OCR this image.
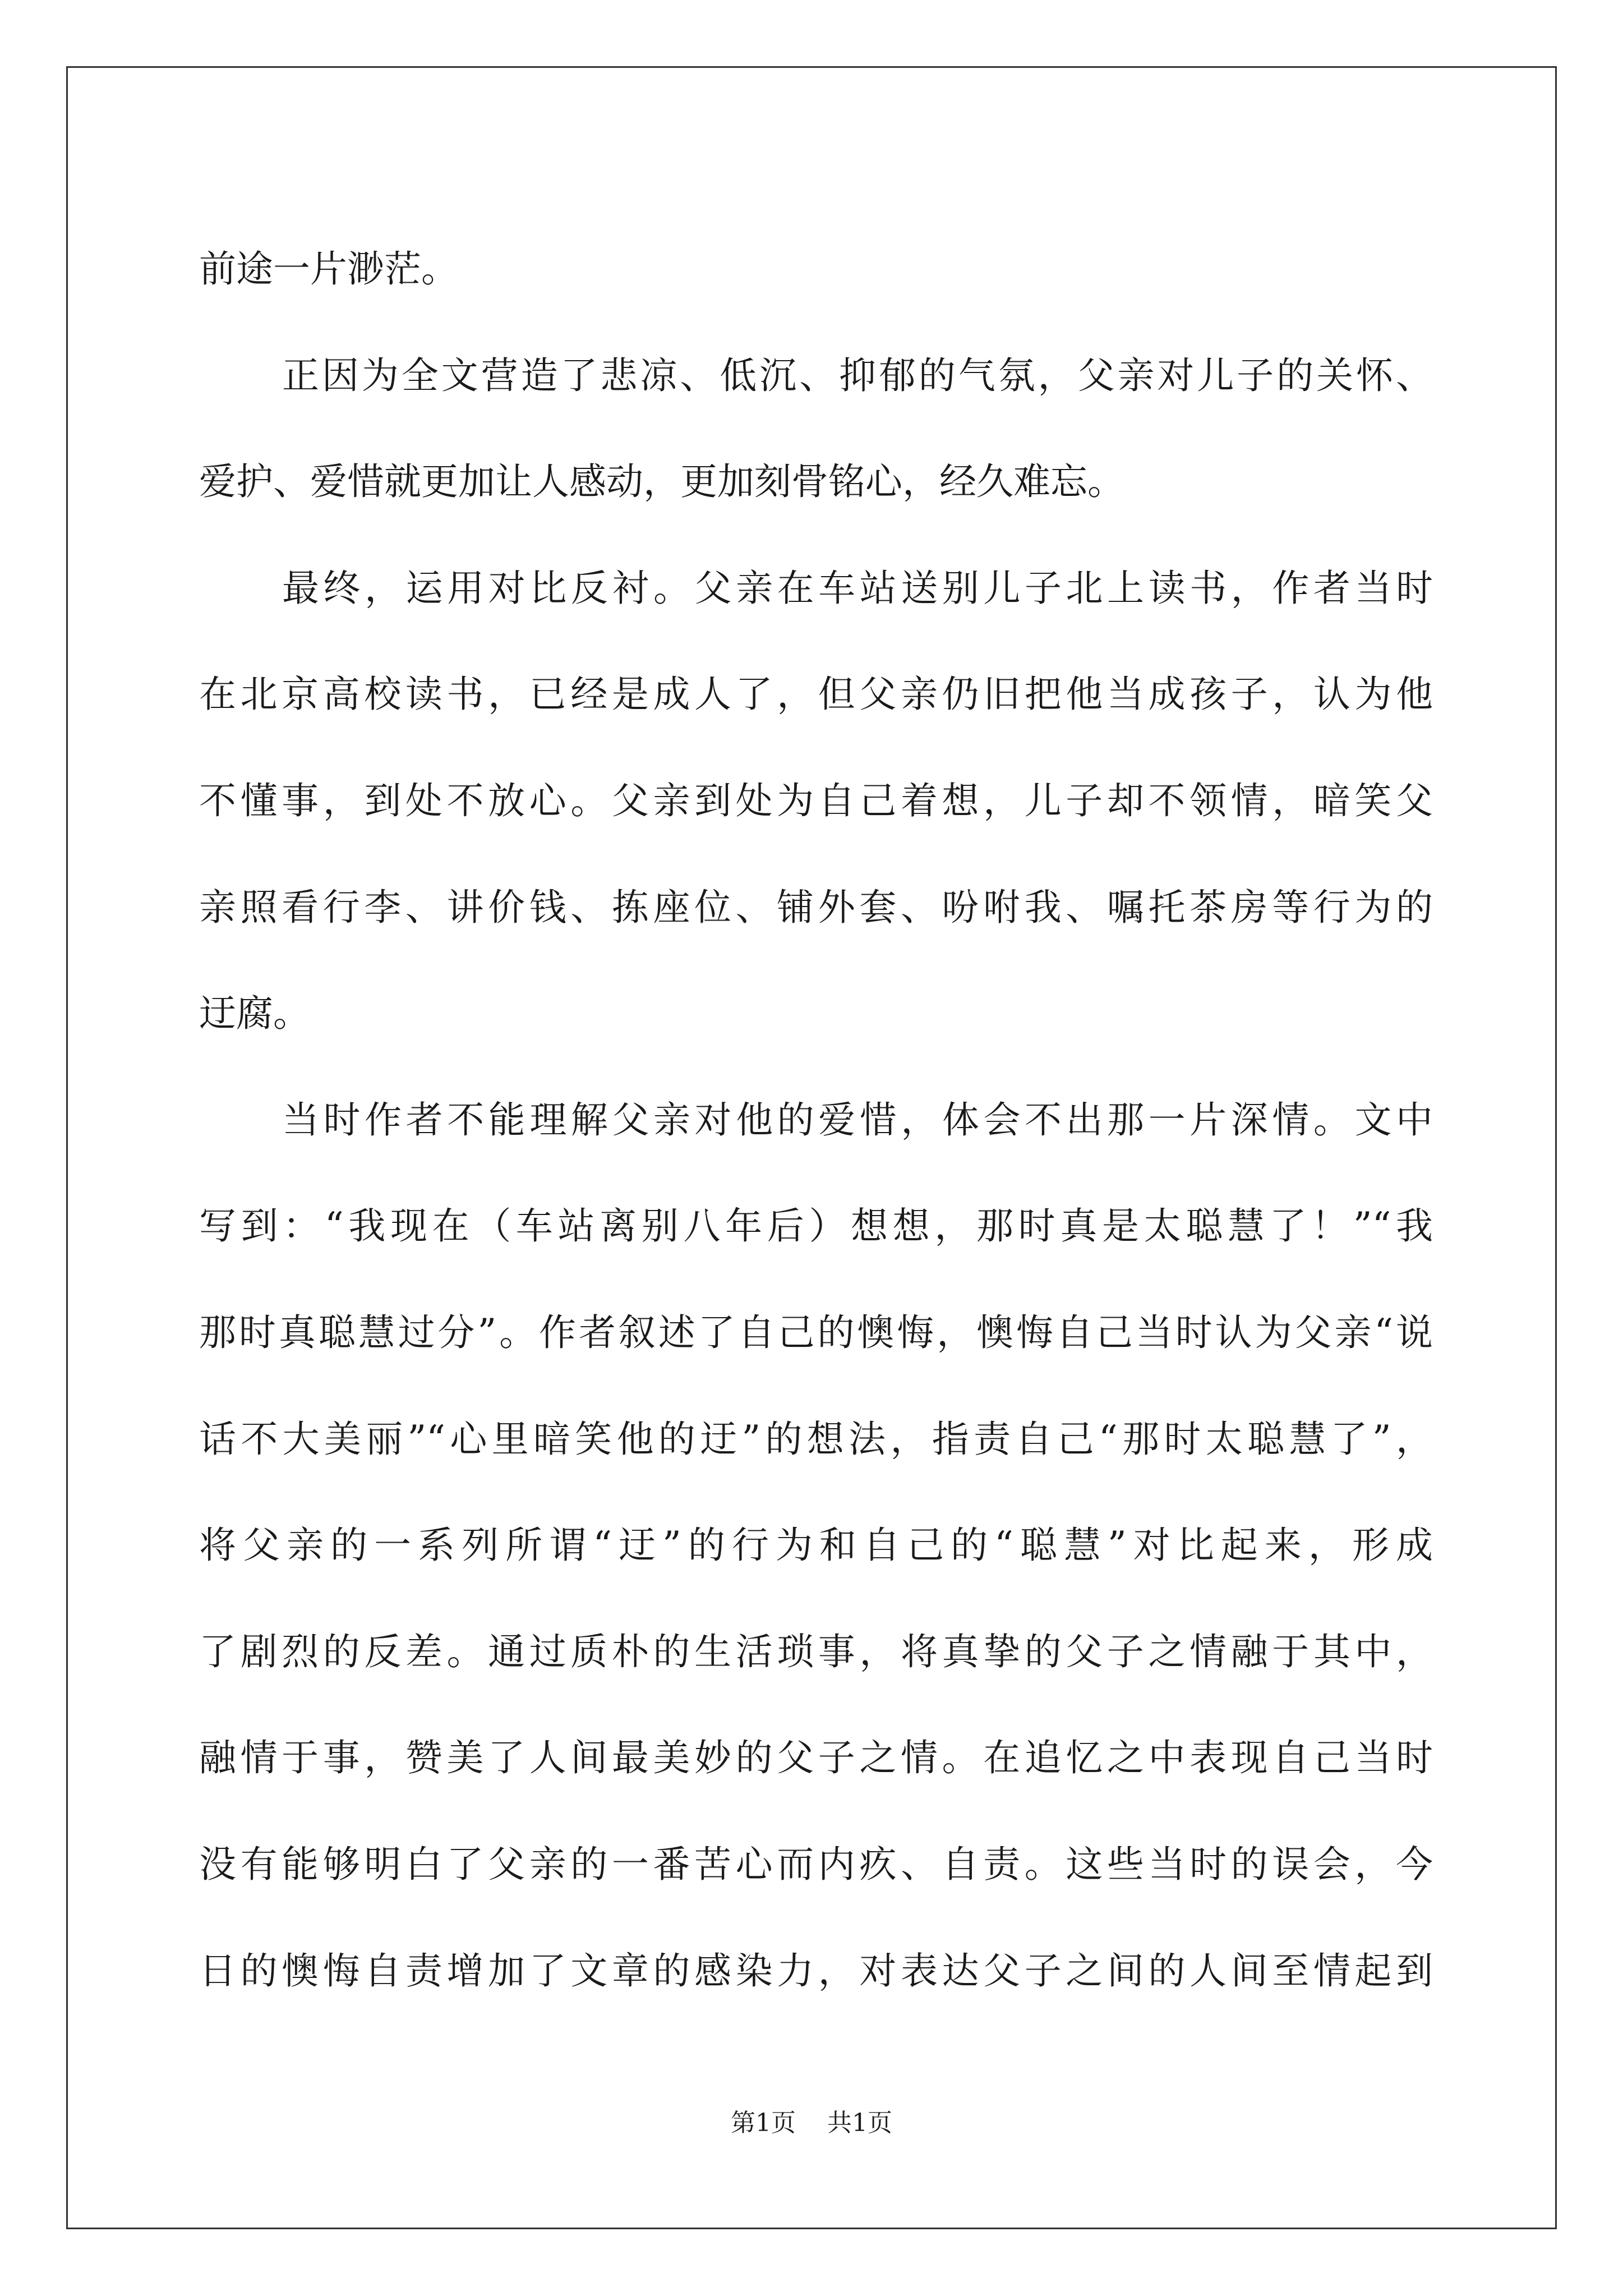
前途一片渺茫。

正因为全文营造了悲凉、低沉、抑郁的气氛，父亲对儿子的关怀、

爱护、爱惜就更加让人感动，更加刻骨铭心，经久难忘。

最终，运用对比反衬。父亲在车站送别儿子北上读书，作者当时

在北京高校读书，已经是成人了，但父亲仍旧把他当成孩子，认为他

不懂事，到处不放心。父亲到处为自己着想，儿子却不领情，暗笑父

亲照看行李、讲价钱、拣座位、铺外套、吩咐我、嘱托茶房等行为的

迂腐。

当时作者不能理解父亲对他的爱惜，体会不出那一片深情。文中

写到：“我现在（车站离别八年后）想想，那时真是太聪慧了！”“我

那时真聪慧过分”。作者叙述了自己的懊悔，懊悔自己当时认为父亲“说

话不大美丽”“心里暗笑他的迂”的想法，指责自己“那时太聪慧了”，

将父亲的一系列所谓“迂”的行为和自己的“聪慧”对比起来，形成

了剧烈的反差。通过质朴的生活琐事，将真挚的父子之情融于其中，

融情于事，赞美了人间最美妙的父子之情。在追忆之中表现自己当时

没有能够明白了父亲的一番苦心而内疚、自责。这些当时的误会，今

日的懊悔自责增加了文章的感染力，对表达父子之间的人间至情起到

第1页 共1页
